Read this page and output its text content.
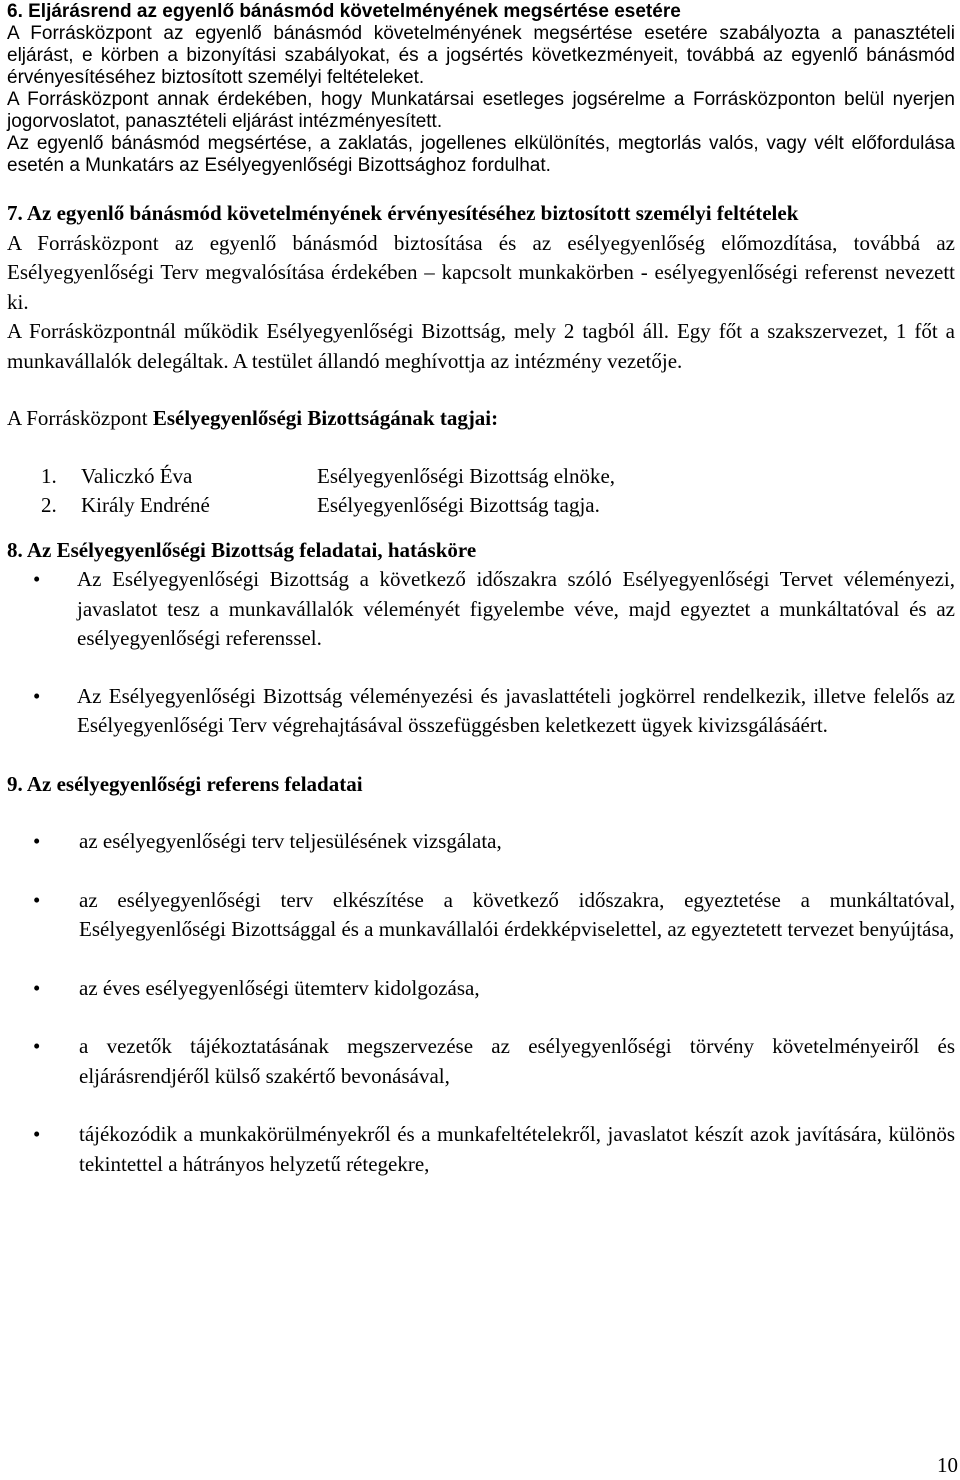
6. Eljárásrend az egyenlő bánásmód követelményének megsértése esetére

A Forrásközpont az egyenlő bánásmód követelményének megsértése esetére szabályozta a panasztételi eljárást, e körben a bizonyítási szabályokat, és a jogsértés következményeit, továbbá az egyenlő bánásmód érvényesítéséhez biztosított személyi feltételeket.

A Forrásközpont annak érdekében, hogy Munkatársai esetleges jogsérelme a Forrásközponton belül nyerjen jogorvoslatot, panasztételi eljárást intézményesített.

Az egyenlő bánásmód megsértése, a zaklatás, jogellenes elkülönítés, megtorlás valós, vagy vélt előfordulása esetén a Munkatárs az Esélyegyenlőségi Bizottsághoz fordulhat.

7. Az egyenlő bánásmód követelményének érvényesítéséhez biztosított személyi feltételek

A Forrásközpont az egyenlő bánásmód biztosítása és az esélyegyenlőség előmozdítása, továbbá az Esélyegyenlőségi Terv megvalósítása érdekében – kapcsolt munkakörben - esélyegyenlőségi referenst nevezett ki.

A Forrásközpontnál működik Esélyegyenlőségi Bizottság, mely 2 tagból áll. Egy főt a szakszervezet, 1 főt a munkavállalók delegáltak. A testület állandó meghívottja az intézmény vezetője.

A Forrásközpont Esélyegyenlőségi Bizottságának tagjai:

1.	Valiczkó Éva	Esélyegyenlőségi Bizottság elnöke,
2.	Király Endréné	Esélyegyenlőségi Bizottság tagja.

8. Az Esélyegyenlőségi Bizottság feladatai, hatásköre

• Az Esélyegyenlőségi Bizottság a következő időszakra szóló Esélyegyenlőségi Tervet véleményezi, javaslatot tesz a munkavállalók véleményét figyelembe véve, majd egyeztet a munkáltatóval és az esélyegyenlőségi referenssel.
• Az Esélyegyenlőségi Bizottság véleményezési és javaslattételi jogkörrel rendelkezik, illetve felelős az Esélyegyenlőségi Terv végrehajtásával összefüggésben keletkezett ügyek kivizsgálásáért.

9. Az esélyegyenlőségi referens feladatai

• az esélyegyenlőségi terv teljesülésének vizsgálata,
• az esélyegyenlőségi terv elkészítése a következő időszakra, egyeztetése a munkáltatóval, Esélyegyenlőségi Bizottsággal és a munkavállalói érdekképviselettel, az egyeztetett tervezet benyújtása,
• az éves esélyegyenlőségi ütemterv kidolgozása,
• a vezetők tájékoztatásának megszervezése az esélyegyenlőségi törvény követelményeiről és eljárásrendjéről külső szakértő bevonásával,
• tájékozódik a munkakörülményekről és a munkafeltételekről, javaslatot készít azok javítására, különös tekintettel a hátrányos helyzetű rétegekre,
10
